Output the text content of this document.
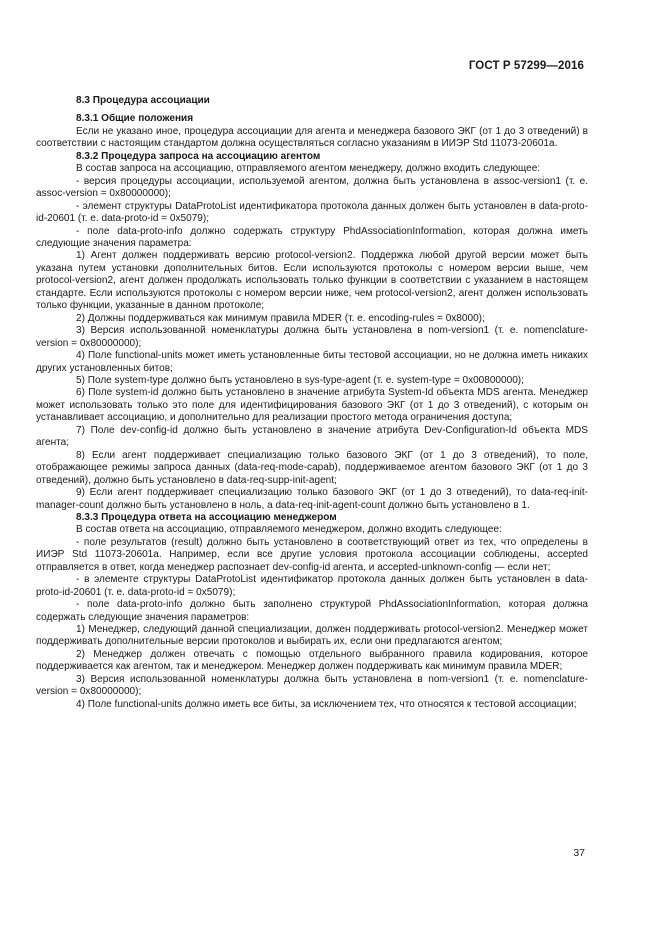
ГОСТ Р 57299—2016

8.3 Процедура ассоциации

8.3.1 Общие положения

Если не указано иное, процедура ассоциации для агента и менеджера базового ЭКГ (от 1 до 3 отведений) в соответствии с настоящим стандартом должна осуществляться согласно указаниям в ИИЭР Std 11073-20601a.

8.3.2 Процедура запроса на ассоциацию агентом

В состав запроса на ассоциацию, отправляемого агентом менеджеру, должно входить следующее:

- версия процедуры ассоциации, используемой агентом, должна быть установлена в assoc-version1 (т. е. assoc-version = 0x80000000);

- элемент структуры DataProtoList идентификатора протокола данных должен быть установлен в data-proto-id-20601 (т. е. data-proto-id = 0x5079);

- поле data-proto-info должно содержать структуру PhdAssociationInformation, которая должна иметь следующие значения параметра:

1) Агент должен поддерживать версию protocol-version2. Поддержка любой другой версии может быть указана путем установки дополнительных битов. Если используются протоколы с номером версии выше, чем protocol-version2, агент должен продолжать использовать только функции в соответствии с указанием в настоящем стандарте. Если используются протоколы с номером версии ниже, чем protocol-version2, агент должен использовать только функции, указанные в данном протоколе;

2) Должны поддерживаться как минимум правила MDER (т. е. encoding-rules = 0x8000);

3) Версия использованной номенклатуры должна быть установлена в nom-version1 (т. е. nomenclature-version = 0x80000000);

4) Поле functional-units может иметь установленные биты тестовой ассоциации, но не должна иметь никаких других установленных битов;

5) Поле system-type должно быть установлено в sys-type-agent (т. е. system-type = 0x00800000);

6) Поле system-id должно быть установлено в значение атрибута System-Id объекта MDS агента. Менеджер может использовать только это поле для идентифицирования базового ЭКГ (от 1 до 3 отведений), с которым он устанавливает ассоциацию, и дополнительно для реализации простого метода ограничения доступа;

7) Поле dev-config-id должно быть установлено в значение атрибута Dev-Configuration-Id объекта MDS агента;

8) Если агент поддерживает специализацию только базового ЭКГ (от 1 до 3 отведений), то поле, отображающее режимы запроса данных (data-req-mode-capab), поддерживаемое агентом базового ЭКГ (от 1 до 3 отведений), должно быть установлено в data-req-supp-init-agent;

9) Если агент поддерживает специализацию только базового ЭКГ (от 1 до 3 отведений), то data-req-init-manager-count должно быть установлено в ноль, а data-req-init-agent-count должно быть установлено в 1.

8.3.3 Процедура ответа на ассоциацию менеджером

В состав ответа на ассоциацию, отправляемого менеджером, должно входить следующее:

- поле результатов (result) должно быть установлено в соответствующий ответ из тех, что определены в ИИЭР Std 11073-20601a. Например, если все другие условия протокола ассоциации соблюдены, accepted отправляется в ответ, когда менеджер распознает dev-config-id агента, и accepted-unknown-config — если нет;

- в элементе структуры DataProtoList идентификатор протокола данных должен быть установлен в data-proto-id-20601 (т. е. data-proto-id = 0x5079);

- поле data-proto-info должно быть заполнено структурой PhdAssociationInformation, которая должна содержать следующие значения параметров:

1) Менеджер, следующий данной специализации, должен поддерживать protocol-version2. Менеджер может поддерживать дополнительные версии протоколов и выбирать их, если они предлагаются агентом;

2) Менеджер должен отвечать с помощью отдельного выбранного правила кодирования, которое поддерживается как агентом, так и менеджером. Менеджер должен поддерживать как минимум правила MDER;

3) Версия использованной номенклатуры должна быть установлена в nom-version1 (т. е. nomenclature-version = 0x80000000);

4) Поле functional-units должно иметь все биты, за исключением тех, что относятся к тестовой ассоциации;

37
